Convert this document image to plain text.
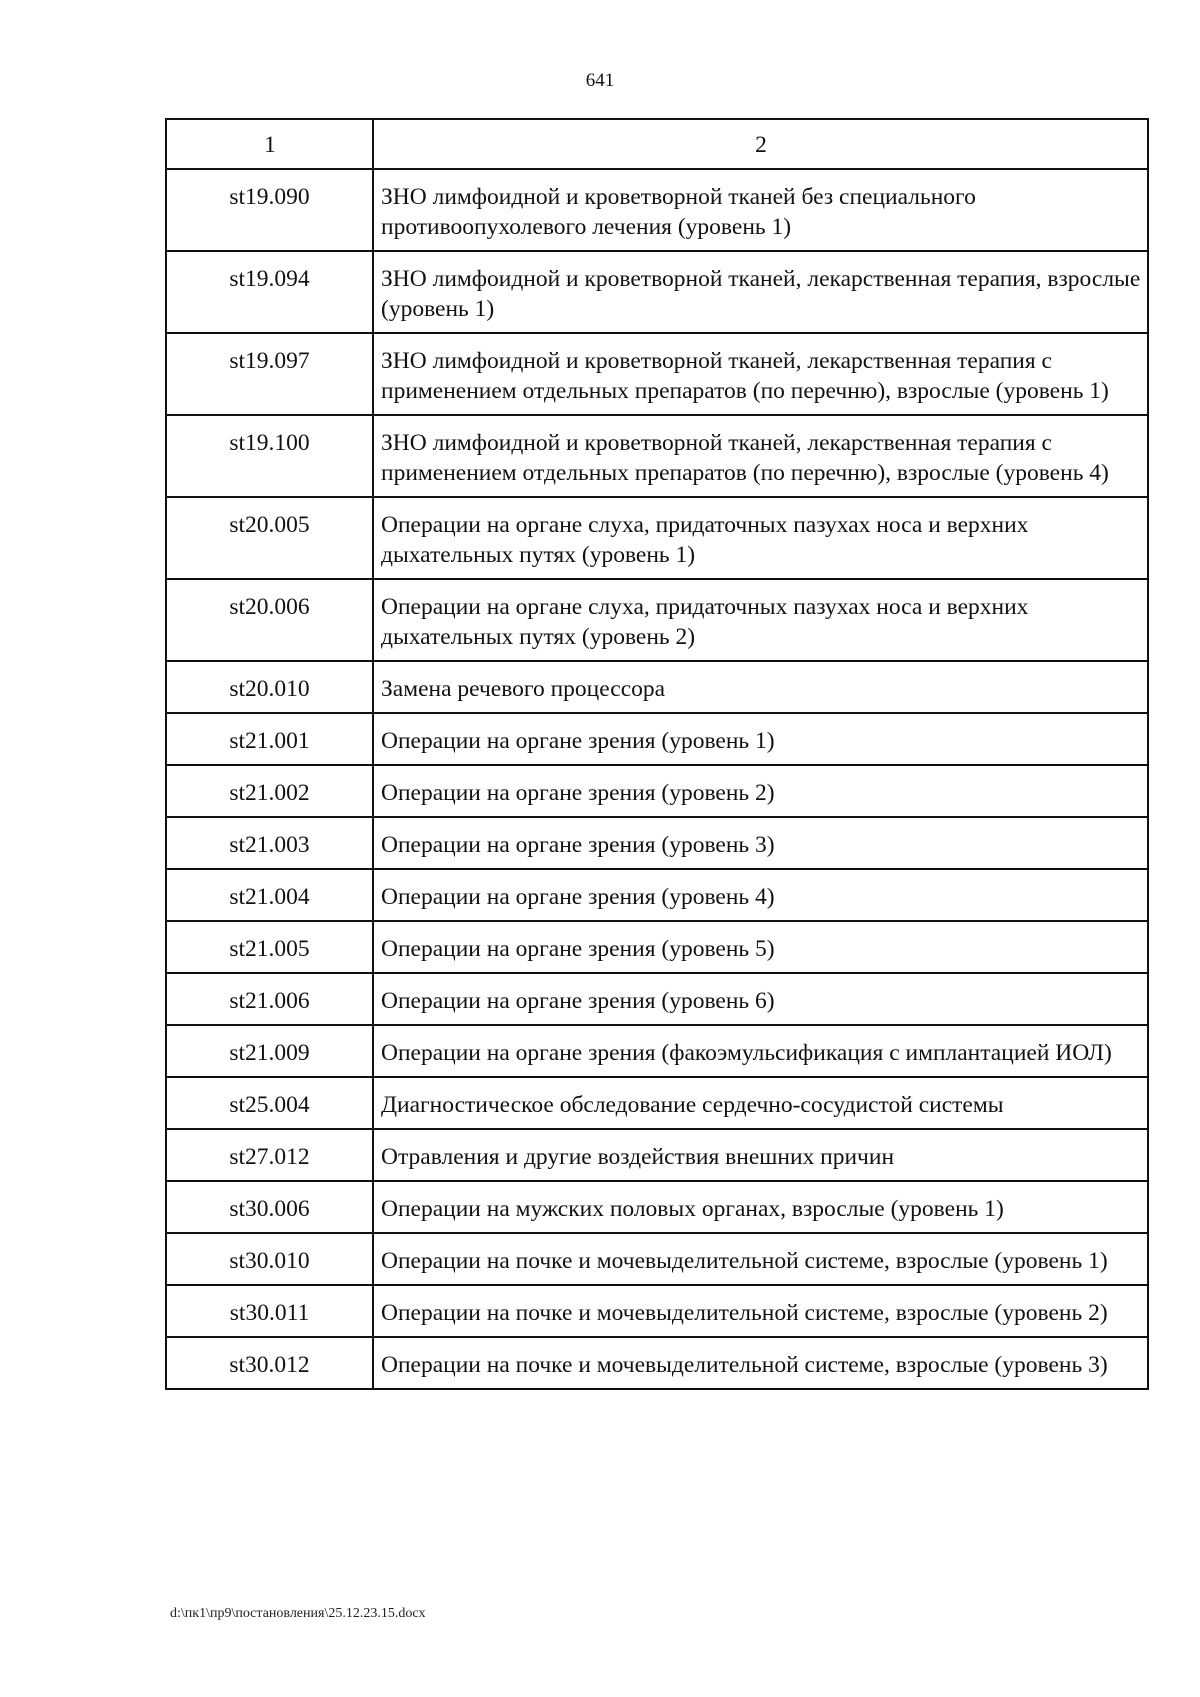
641
1	2
st19.090	ЗНО лимфоидной и кроветворной тканей без специального противоопухолевого лечения (уровень 1)
st19.094	ЗНО лимфоидной и кроветворной тканей, лекарственная терапия, взрослые (уровень 1)
st19.097	ЗНО лимфоидной и кроветворной тканей, лекарственная терапия с применением отдельных препаратов (по перечню), взрослые (уровень 1)
st19.100	ЗНО лимфоидной и кроветворной тканей, лекарственная терапия с применением отдельных препаратов (по перечню), взрослые (уровень 4)
st20.005	Операции на органе слуха, придаточных пазухах носа и верхних дыхательных путях (уровень 1)
st20.006	Операции на органе слуха, придаточных пазухах носа и верхних дыхательных путях (уровень 2)
st20.010	Замена речевого процессора
st21.001	Операции на органе зрения (уровень 1)
st21.002	Операции на органе зрения (уровень 2)
st21.003	Операции на органе зрения (уровень 3)
st21.004	Операции на органе зрения (уровень 4)
st21.005	Операции на органе зрения (уровень 5)
st21.006	Операции на органе зрения (уровень 6)
st21.009	Операции на органе зрения (факоэмульсификация с имплантацией ИОЛ)
st25.004	Диагностическое обследование сердечно-сосудистой системы
st27.012	Отравления и другие воздействия внешних причин
st30.006	Операции на мужских половых органах, взрослые (уровень 1)
st30.010	Операции на почке и мочевыделительной системе, взрослые (уровень 1)
st30.011	Операции на почке и мочевыделительной системе, взрослые (уровень 2)
st30.012	Операции на почке и мочевыделительной системе, взрослые (уровень 3)
d:\пк1\пр9\постановления\25.12.23.15.docx
